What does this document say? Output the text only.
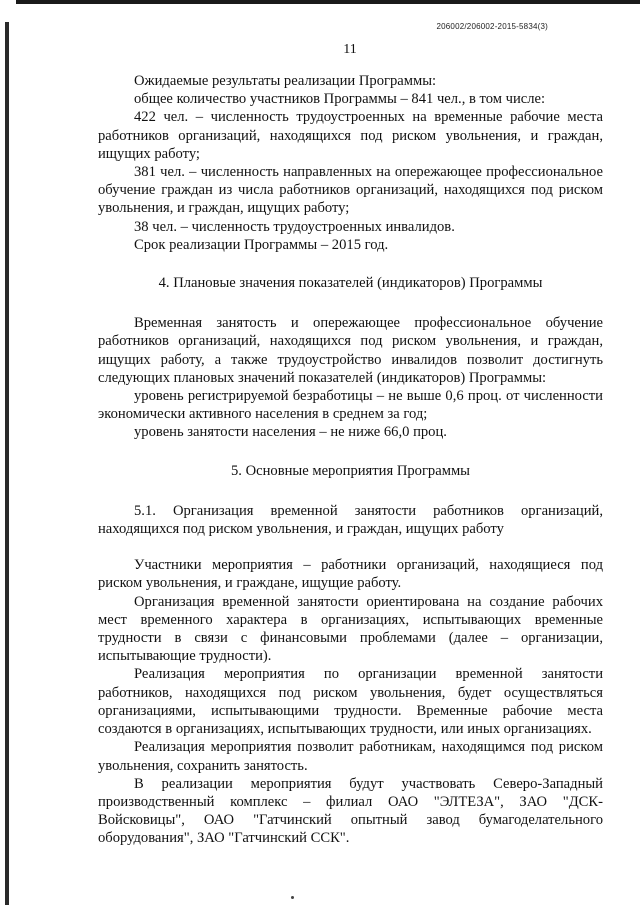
206002/206002-2015-5834(3)
11

Ожидаемые результаты реализации Программы:

общее количество участников Программы – 841 чел., в том числе:

422 чел. – численность трудоустроенных на временные рабочие места работников организаций, находящихся под риском увольнения, и граждан, ищущих работу;

381 чел. – численность направленных на опережающее профессиональное обучение граждан из числа работников организаций, находящихся под риском увольнения, и граждан, ищущих работу;

38 чел. – численность трудоустроенных инвалидов.

Срок реализации Программы – 2015 год.

4. Плановые значения показателей (индикаторов) Программы

Временная занятость и опережающее профессиональное обучение работников организаций, находящихся под риском увольнения, и граждан, ищущих работу, а также трудоустройство инвалидов позволит достигнуть следующих плановых значений показателей (индикаторов) Программы:

уровень регистрируемой безработицы – не выше 0,6 проц. от численности экономически активного населения в среднем за год;

уровень занятости населения – не ниже 66,0 проц.

5. Основные мероприятия Программы

5.1. Организация временной занятости работников организаций, находящихся под риском увольнения, и граждан, ищущих работу

Участники мероприятия – работники организаций, находящиеся под риском увольнения, и граждане, ищущие работу.

Организация временной занятости ориентирована на создание рабочих мест временного характера в организациях, испытывающих временные трудности в связи с финансовыми проблемами (далее – организации, испытывающие трудности).

Реализация мероприятия по организации временной занятости работников, находящихся под риском увольнения, будет осуществляться организациями, испытывающими трудности. Временные рабочие места создаются в организациях, испытывающих трудности, или иных организациях.

Реализация мероприятия позволит работникам, находящимся под риском увольнения, сохранить занятость.

В реализации мероприятия будут участвовать Северо-Западный производственный комплекс – филиал ОАО "ЭЛТЕЗА", ЗАО "ДСК-Войсковицы", ОАО "Гатчинский опытный завод бумагоделательного оборудования", ЗАО "Гатчинский ССК".
